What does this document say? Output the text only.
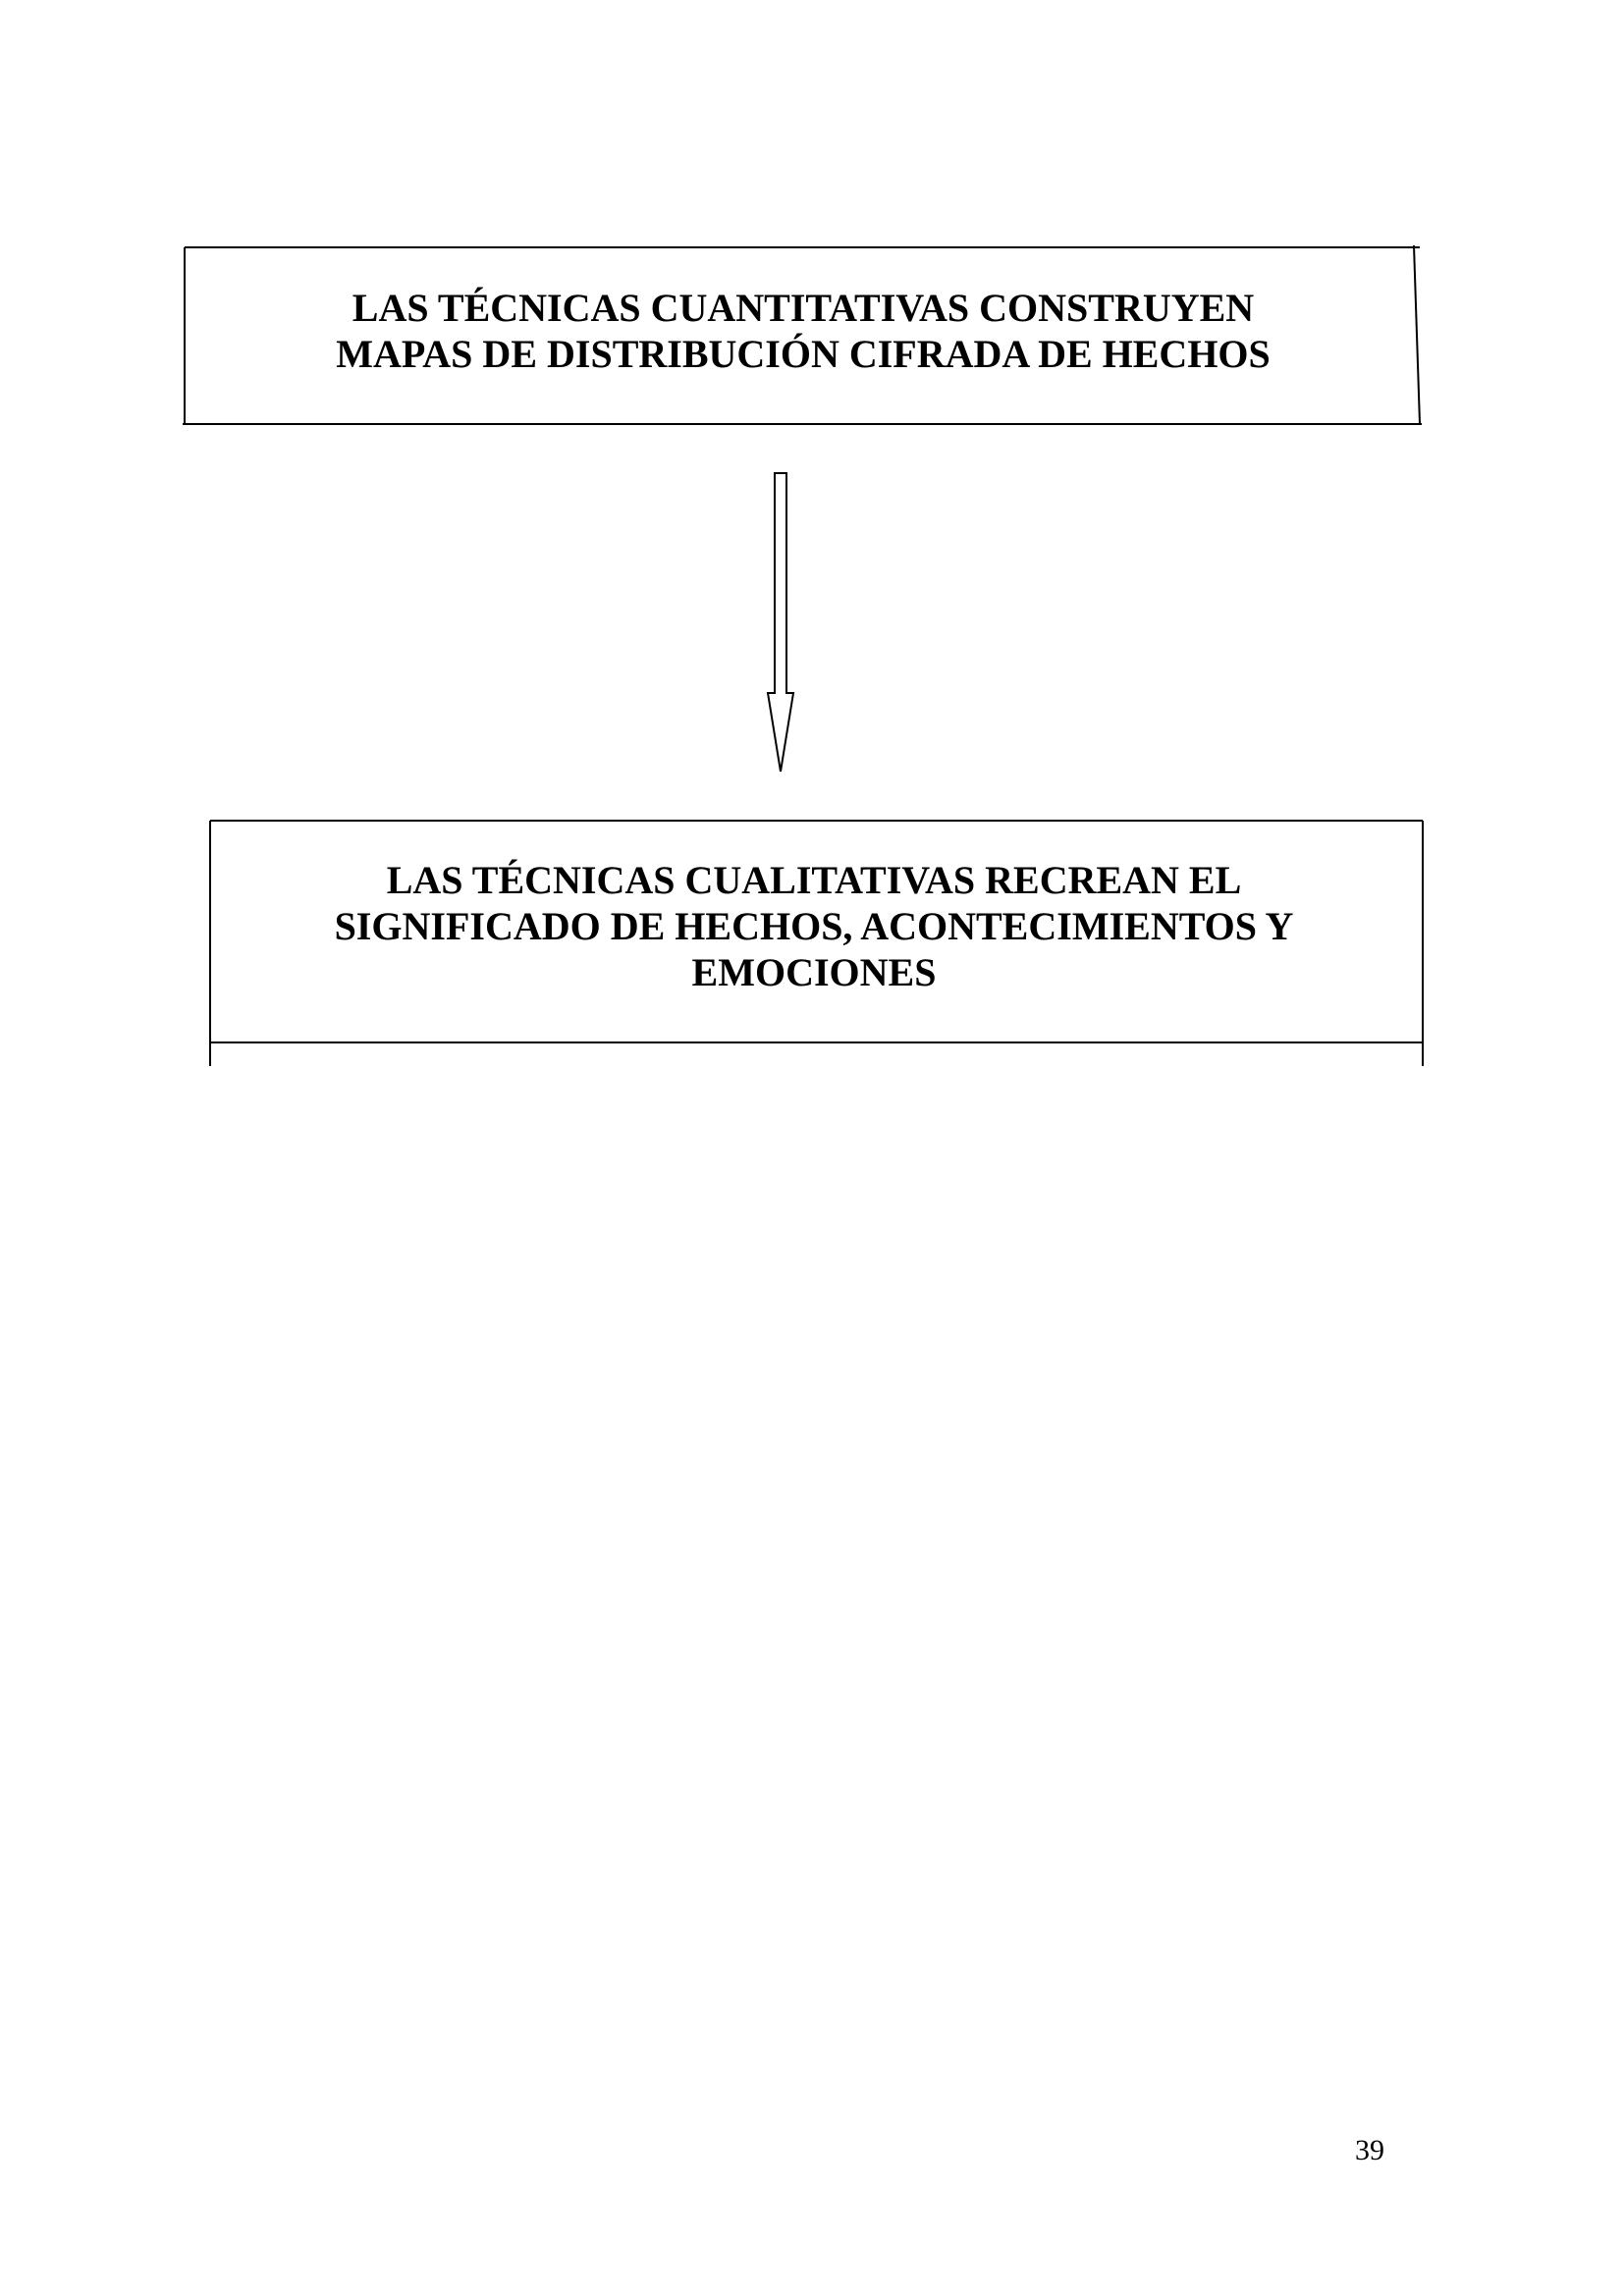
LAS TÉCNICAS CUANTITATIVAS CONSTRUYEN
MAPAS DE DISTRIBUCIÓN CIFRADA DE HECHOS
LAS TÉCNICAS CUALITATIVAS RECREAN EL
SIGNIFICADO DE HECHOS, ACONTECIMIENTOS Y
EMOCIONES
39
